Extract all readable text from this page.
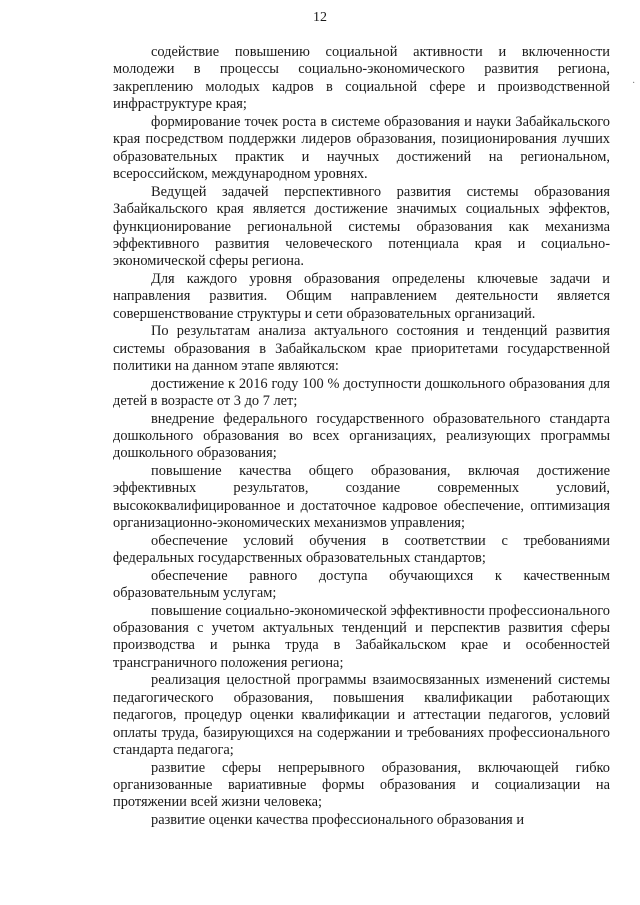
12
·

содействие повышению социальной активности и включенности молодежи в процессы социально-экономического развития региона, закреплению молодых кадров в социальной сфере и производственной инфраструктуре края;

формирование точек роста в системе образования и науки Забайкальского края посредством поддержки лидеров образования, позиционирования лучших образовательных практик и научных достижений на региональном, всероссийском, международном уровнях.

Ведущей задачей перспективного развития системы образования Забайкальского края является достижение значимых социальных эффектов, функционирование региональной системы образования как механизма эффективного развития человеческого потенциала края и социально-экономической сферы региона.

Для каждого уровня образования определены ключевые задачи и направления развития. Общим направлением деятельности является совершенствование структуры и сети образовательных организаций.

По результатам анализа актуального состояния и тенденций развития системы образования в Забайкальском крае приоритетами государственной политики на данном этапе являются:

достижение к 2016 году 100 % доступности дошкольного образования для детей в возрасте от 3 до 7 лет;

внедрение федерального государственного образовательного стандарта дошкольного образования во всех организациях, реализующих программы дошкольного образования;

повышение качества общего образования, включая достижение эффективных результатов, создание современных условий, высококвалифицированное и достаточное кадровое обеспечение, оптимизация организационно-экономических механизмов управления;

обеспечение условий обучения в соответствии с требованиями федеральных государственных образовательных стандартов;

обеспечение равного доступа обучающихся к качественным образовательным услугам;

повышение социально-экономической эффективности профессионального образования с учетом актуальных тенденций и перспектив развития сферы производства и рынка труда в Забайкальском крае и особенностей трансграничного положения региона;

реализация целостной программы взаимосвязанных изменений системы педагогического образования, повышения квалификации работающих педагогов, процедур оценки квалификации и аттестации педагогов, условий оплаты труда, базирующихся на содержании и требованиях профессионального стандарта педагога;

развитие сферы непрерывного образования, включающей гибко организованные вариативные формы образования и социализации на протяжении всей жизни человека;

развитие оценки качества профессионального образования и
